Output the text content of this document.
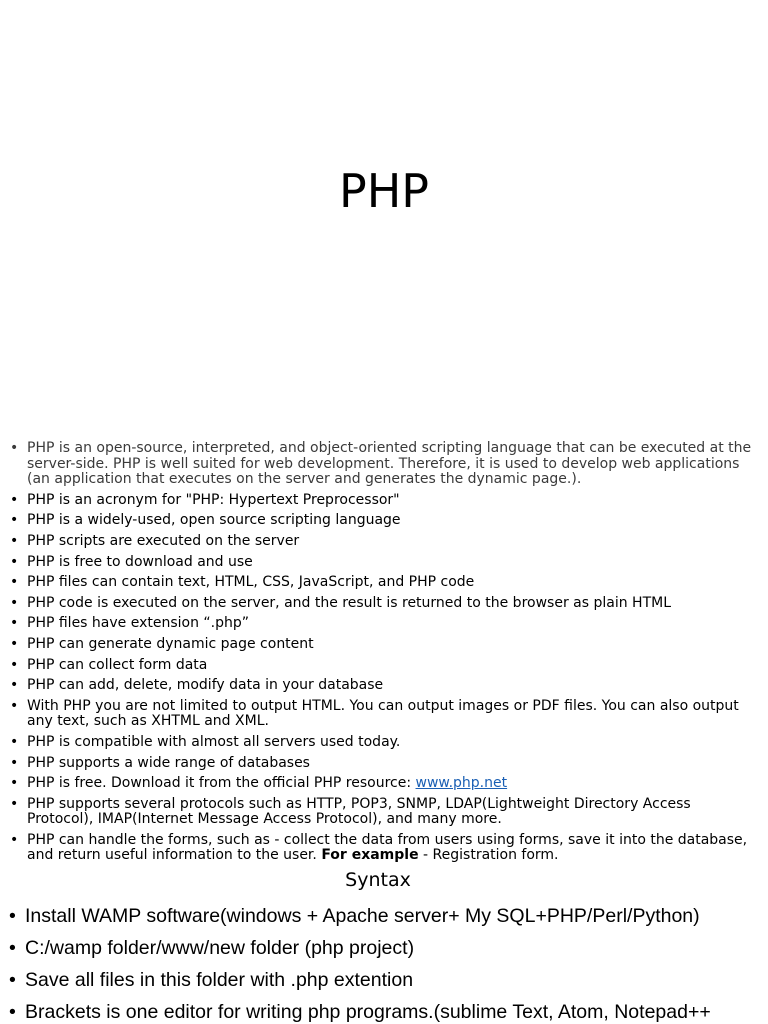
PHP
• PHP is an open-source, interpreted, and object-oriented scripting language that can be executed at the server-side. PHP is well suited for web development. Therefore, it is used to develop web applications (an application that executes on the server and generates the dynamic page.).
• PHP is an acronym for "PHP: Hypertext Preprocessor"
• PHP is a widely-used, open source scripting language
• PHP scripts are executed on the server
• PHP is free to download and use
• PHP files can contain text, HTML, CSS, JavaScript, and PHP code
• PHP code is executed on the server, and the result is returned to the browser as plain HTML
• PHP files have extension “.php”
• PHP can generate dynamic page content
• PHP can collect form data
• PHP can add, delete, modify data in your database
• With PHP you are not limited to output HTML. You can output images or PDF files. You can also output any text, such as XHTML and XML.
• PHP is compatible with almost all servers used today.
• PHP supports a wide range of databases
• PHP is free. Download it from the official PHP resource: www.php.net
• PHP supports several protocols such as HTTP, POP3, SNMP, LDAP(Lightweight Directory Access Protocol), IMAP(Internet Message Access Protocol), and many more.
• PHP can handle the forms, such as - collect the data from users using forms, save it into the database, and return useful information to the user. For example - Registration form.
Syntax
• Install WAMP software(windows + Apache server+ My SQL+PHP/Perl/Python)
• C:/wamp folder/www/new folder (php project)
• Save all files in this folder with .php extention
• Brackets is one editor for writing php programs.(sublime Text, Atom, Notepad++
